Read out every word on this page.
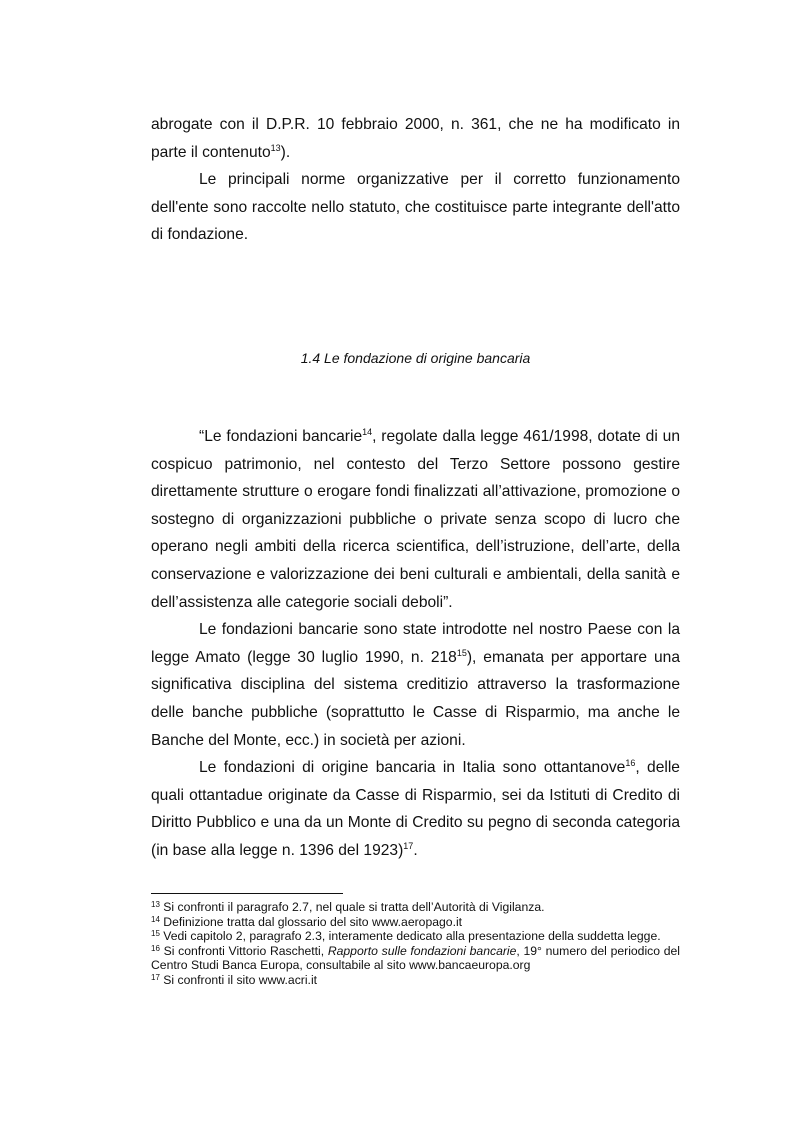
abrogate con il D.P.R. 10 febbraio 2000, n. 361, che ne ha modificato in parte il contenuto$^{13}$).

Le principali norme organizzative per il corretto funzionamento dell'ente sono raccolte nello statuto, che costituisce parte integrante dell'atto di fondazione.

1.4 Le fondazione di origine bancaria

“Le fondazioni bancarie$^{14}$, regolate dalla legge 461/1998, dotate di un cospicuo patrimonio, nel contesto del Terzo Settore possono gestire direttamente strutture o erogare fondi finalizzati all’attivazione, promozione o sostegno di organizzazioni pubbliche o private senza scopo di lucro che operano negli ambiti della ricerca scientifica, dell’istruzione, dell’arte, della conservazione e valorizzazione dei beni culturali e ambientali, della sanità e dell’assistenza alle categorie sociali deboli”.

Le fondazioni bancarie sono state introdotte nel nostro Paese con la legge Amato (legge 30 luglio 1990, n. $218^{15}$), emanata per apportare una significativa disciplina del sistema creditizio attraverso la trasformazione delle banche pubbliche (soprattutto le Casse di Risparmio, ma anche le Banche del Monte, ecc.) in società per azioni.

Le fondazioni di origine bancaria in Italia sono ottantanove$^{16}$, delle quali ottantadue originate da Casse di Risparmio, sei da Istituti di Credito di Diritto Pubblico e una da un Monte di Credito su pegno di seconda categoria (in base alla legge n. 1396 del 1923)$^{17}$.

$^{13}$ Si confronti il paragrafo 2.7, nel quale si tratta dell’Autorità di Vigilanza.

$^{14}$ Definizione tratta dal glossario del sito www.aeropago.it

$^{15}$ Vedi capitolo 2, paragrafo 2.3, interamente dedicato alla presentazione della suddetta legge.

$^{16}$ Si confronti Vittorio Raschetti, Rapporto sulle fondazioni bancarie, 19° numero del periodico del Centro Studi Banca Europa, consultabile al sito www.bancaeuropa.org

$^{17}$ Si confronti il sito www.acri.it
